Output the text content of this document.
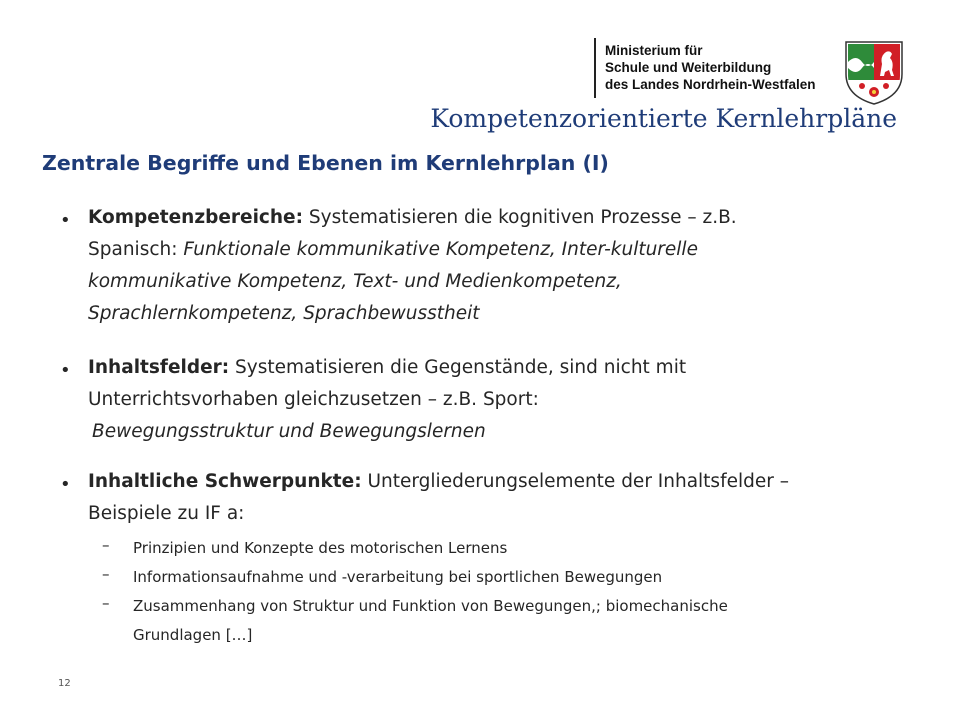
Ministerium für
Schule und Weiterbildung
des Landes Nordrhein-Westfalen
Kompetenzorientierte Kernlehrpläne
Zentrale Begriffe und Ebenen im Kernlehrplan (I)
• Kompetenzbereiche: Systematisieren die kognitiven Prozesse – z.B.
Spanisch: Funktionale kommunikative Kompetenz, Inter-kulturelle
kommunikative Kompetenz, Text- und Medienkompetenz,
Sprachlernkompetenz, Sprachbewusstheit
• Inhaltsfelder: Systematisieren die Gegenstände, sind nicht mit
Unterrichtsvorhaben gleichzusetzen – z.B. Sport:
Bewegungsstruktur und Bewegungslernen
• Inhaltliche Schwerpunkte: Untergliederungselemente der Inhaltsfelder –
Beispiele zu IF a:
– Prinzipien und Konzepte des motorischen Lernens
– Informationsaufnahme und -verarbeitung bei sportlichen Bewegungen
– Zusammenhang von Struktur und Funktion von Bewegungen,; biomechanische
Grundlagen […]
12
